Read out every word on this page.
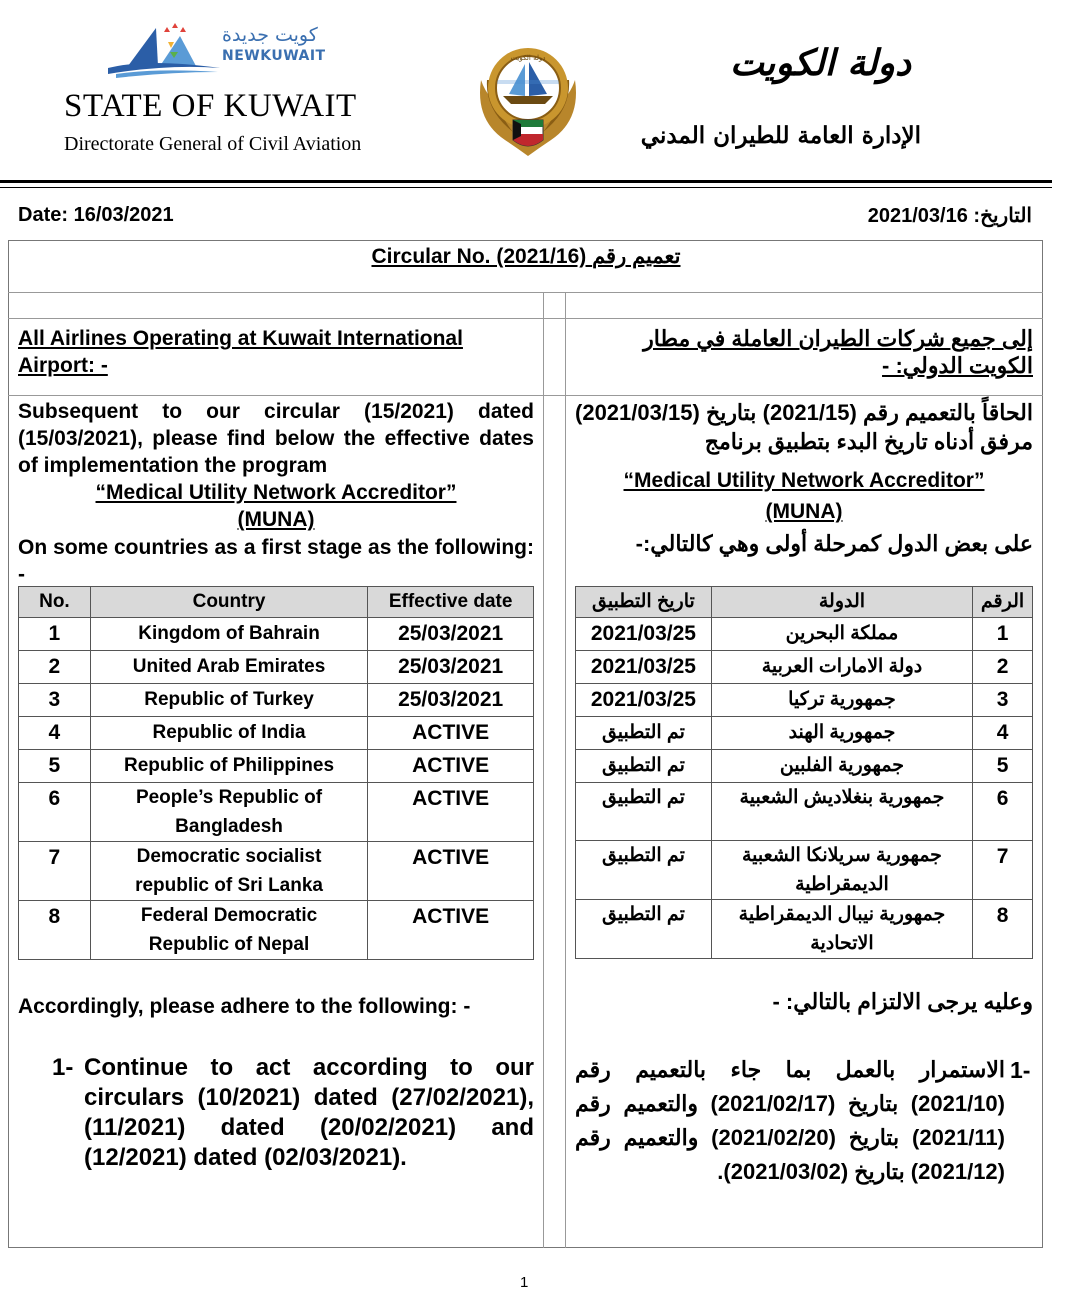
كويت جديدة
NEWKUWAIT
STATE OF KUWAIT
Directorate General of Civil Aviation
دولة الكويت	دولة الكويت
الإدارة العامة للطيران المدني
Date: 16/03/2021	التاريخ: 2021/03/16
Circular No. (2021/16) تعميم رقم
All Airlines Operating at Kuwait International Airport: -
Subsequent to our circular (15/2021) dated (15/03/2021), please find below the effective dates of implementation the program
“Medical Utility Network Accreditor”
(MUNA)
On some countries as a first stage as the following: -
No.	Country	Effective date
1	Kingdom of Bahrain	25/03/2021
2	United Arab Emirates	25/03/2021
3	Republic of Turkey	25/03/2021
4	Republic of India	ACTIVE
5	Republic of Philippines	ACTIVE
6	People’s Republic of Bangladesh	ACTIVE
7	Democratic socialist republic of Sri Lanka	ACTIVE
8	Federal Democratic Republic of Nepal	ACTIVE
Accordingly, please adhere to the following: -
1- Continue to act according to our circulars (10/2021) dated (27/02/2021), (11/2021) dated (20/02/2021) and (12/2021) dated (02/03/2021).
إلى جميع شركات الطيران العاملة في مطار الكويت الدولي: -
الحاقاً بالتعميم رقم (2021/15) بتاريخ (2021/03/15) مرفق أدناه تاريخ البدء بتطبيق برنامج
“Medical Utility Network Accreditor”
(MUNA)
على بعض الدول كمرحلة أولى وهي كالتالي:-
الرقم	الدولة	تاريخ التطبيق
1	مملكة البحرين	2021/03/25
2	دولة الامارات العربية	2021/03/25
3	جمهورية تركيا	2021/03/25
4	جمهورية الهند	تم التطبيق
5	جمهورية الفلبين	تم التطبيق
6	جمهورية بنغلاديش الشعبية	تم التطبيق
7	جمهورية سريلانكا الشعبية الديمقراطية	تم التطبيق
8	جمهورية نيبال الديمقراطية الاتحادية	تم التطبيق
وعليه يرجى الالتزام بالتالي: -
1-
الاستمرار بالعمل بما جاء بالتعميم رقم (2021/10) بتاريخ (2021/02/17) والتعميم رقم (2021/11) بتاريخ (2021/02/20) والتعميم رقم (2021/12) بتاريخ (2021/03/02).
1
